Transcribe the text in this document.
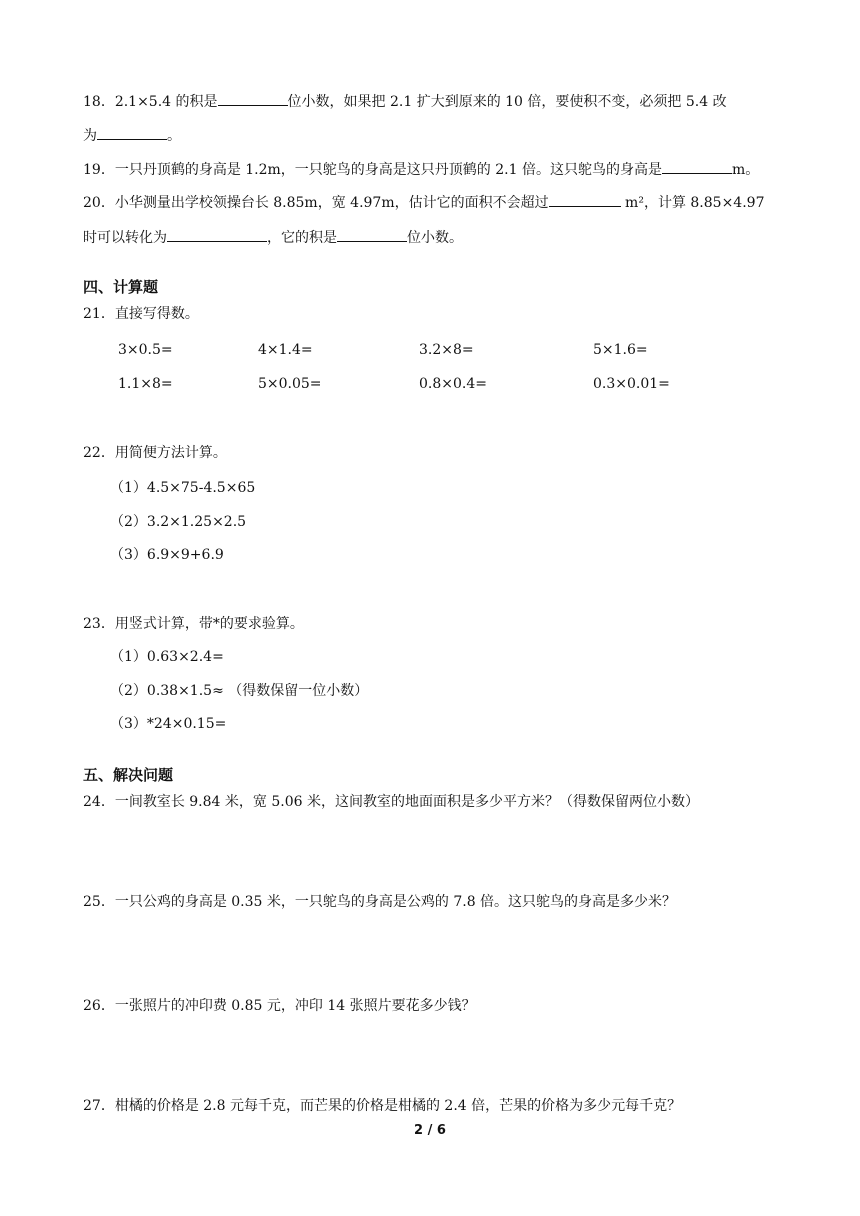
18．2.1×5.4 的积是	位小数，如果把 2.1 扩大到原来的 10 倍，要使积不变，必须把 5.4 改
为	。
19．一只丹顶鹤的身高是 1.2m，一只鸵鸟的身高是这只丹顶鹤的 2.1 倍。这只鸵鸟的身高是	m。
20．小华测量出学校领操台长 8.85m，宽 4.97m，估计它的面积不会超过	m²，计算 8.85×4.97
时可以转化为	，它的积是	位小数。
四、计算题
21．直接写得数。
3×0.5=	4×1.4=	3.2×8=	5×1.6=
1.1×8=	5×0.05=	0.8×0.4=	0.3×0.01=
22．用简便方法计算。
（1）4.5×75-4.5×65
（2）3.2×1.25×2.5
（3）6.9×9+6.9
23．用竖式计算，带*的要求验算。
（1）0.63×2.4=
（2）0.38×1.5≈ （得数保留一位小数）
（3）*24×0.15=
五、解决问题
24．一间教室长 9.84 米，宽 5.06 米，这间教室的地面面积是多少平方米？（得数保留两位小数）
25．一只公鸡的身高是 0.35 米，一只鸵鸟的身高是公鸡的 7.8 倍。这只鸵鸟的身高是多少米？
26．一张照片的冲印费 0.85 元，冲印 14 张照片要花多少钱？
27．柑橘的价格是 2.8 元每千克，而芒果的价格是柑橘的 2.4 倍，芒果的价格为多少元每千克？
2 / 6
